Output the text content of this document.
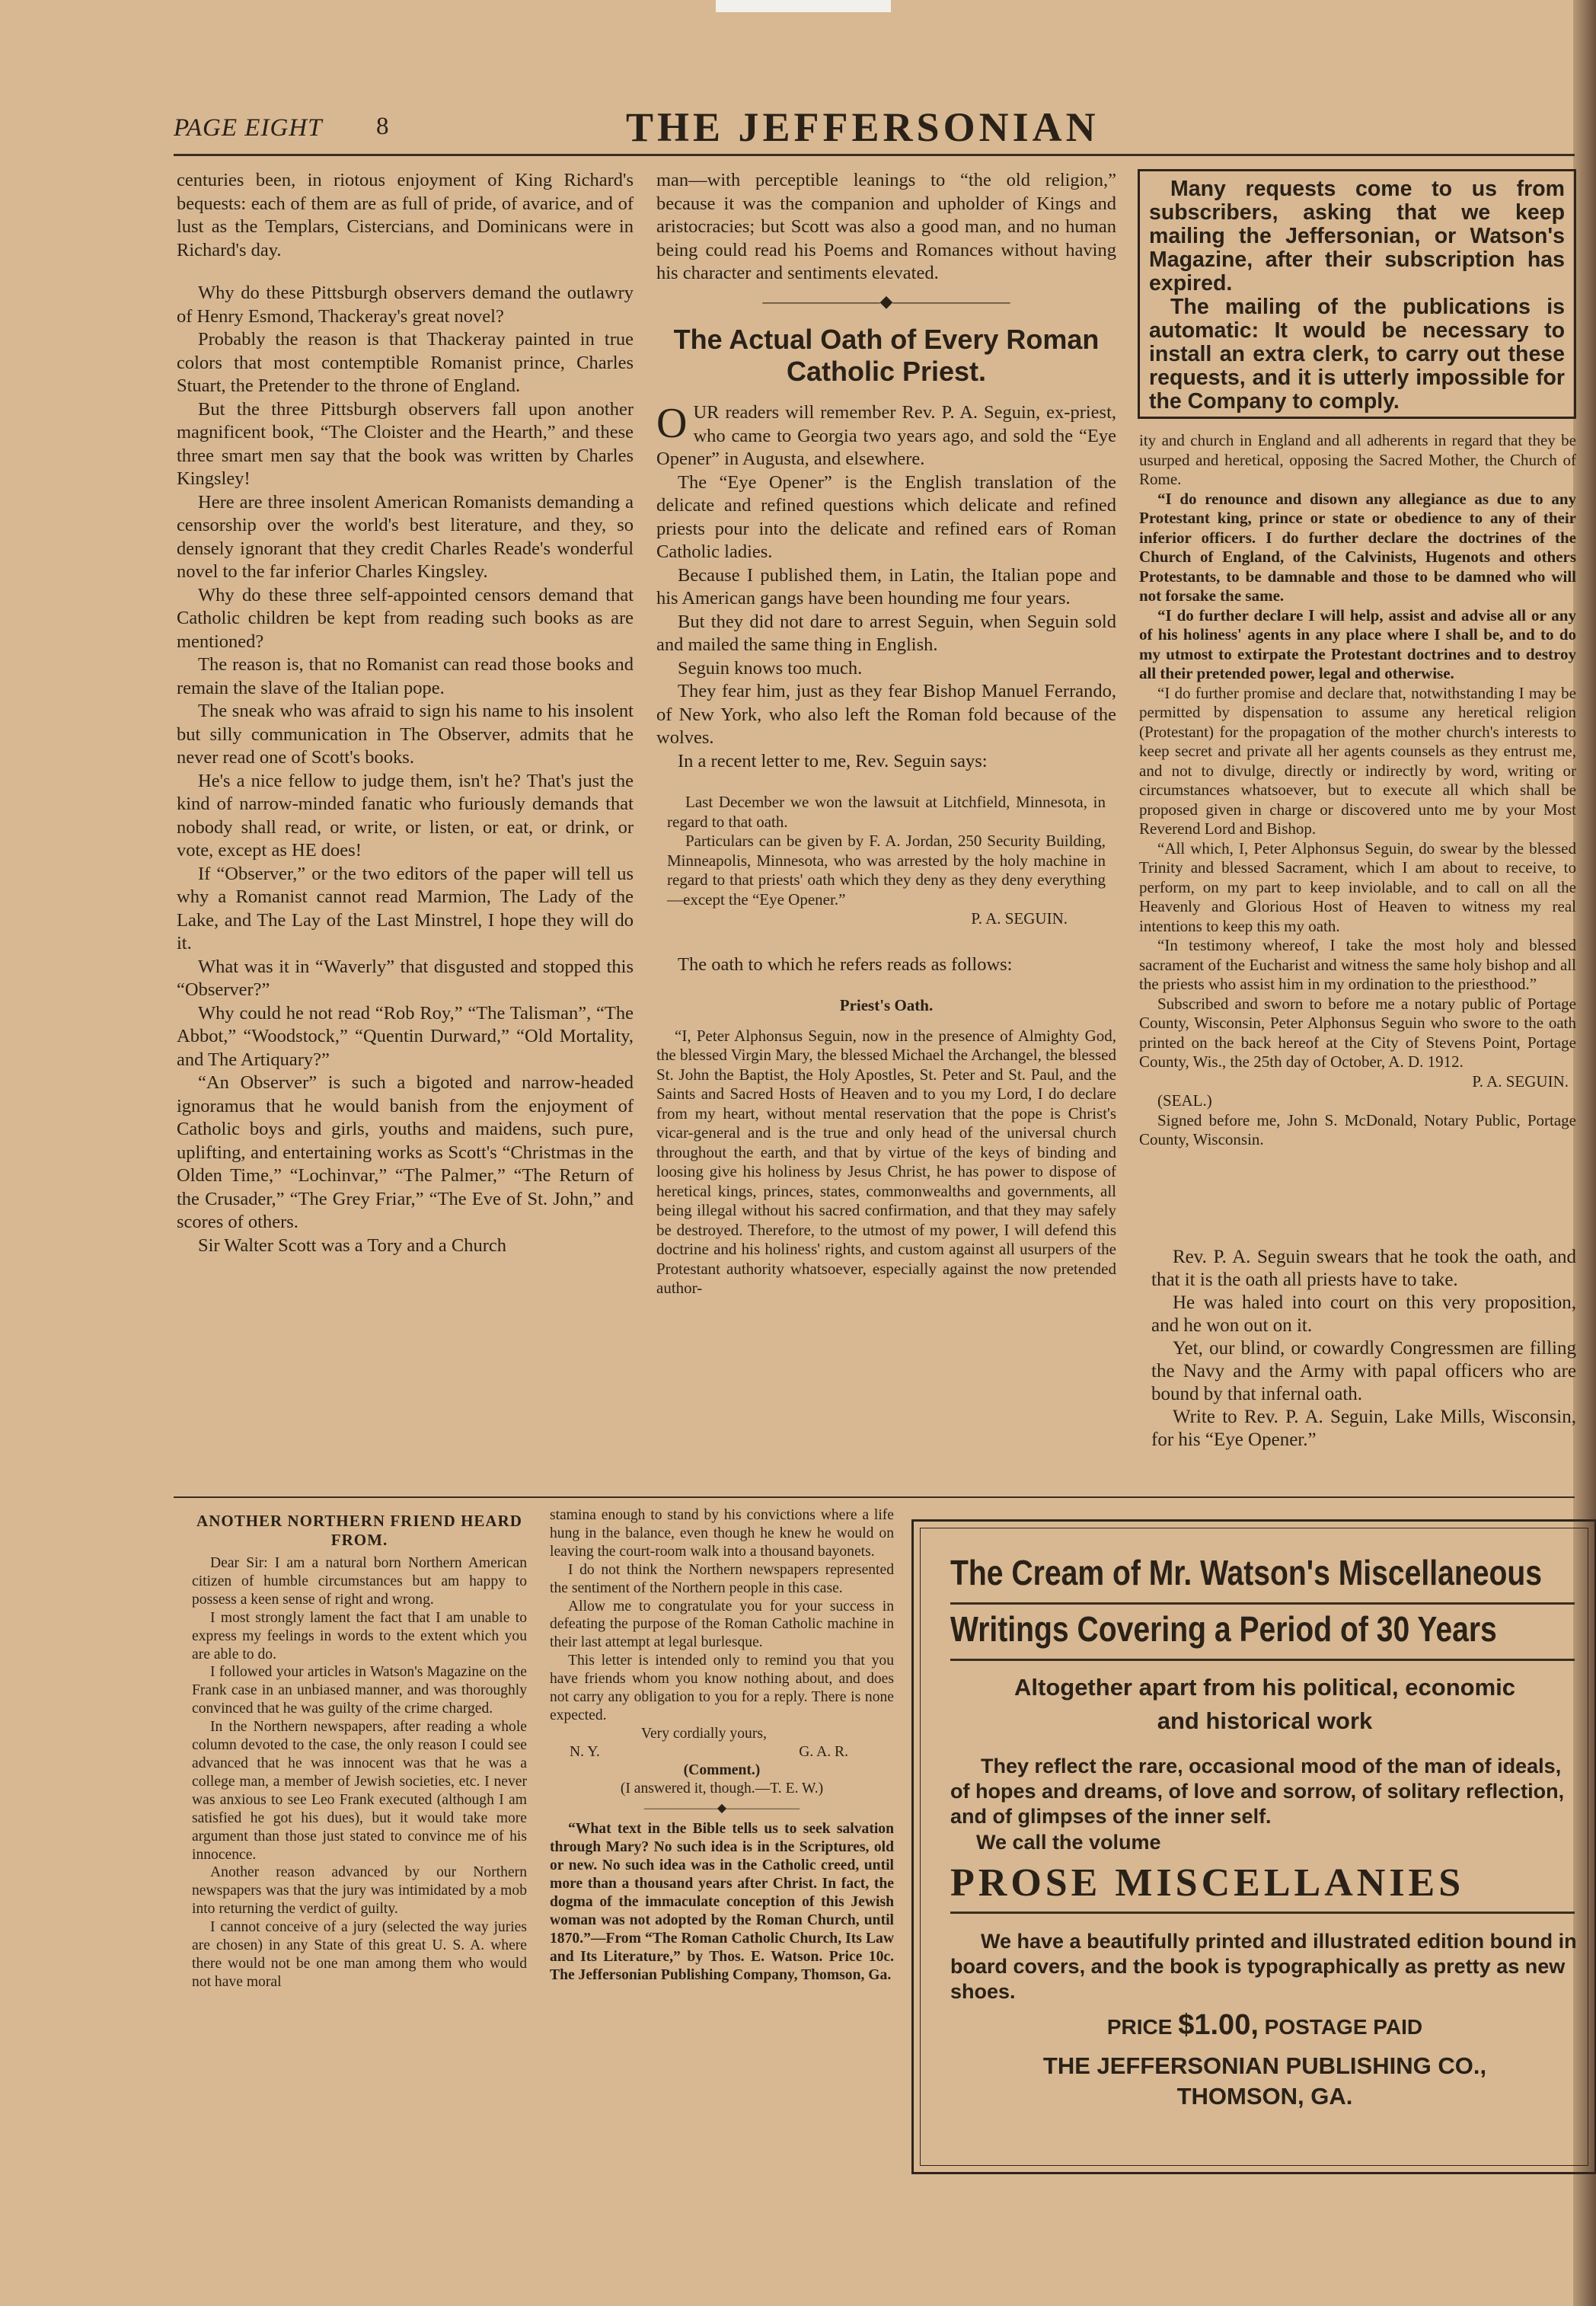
PAGE EIGHT 8	THE JEFFERSONIAN

centuries been, in riotous enjoyment of King Richard's bequests: each of them are as full of pride, of avarice, and of lust as the Templars, Cistercians, and Dominicans were in Richard's day.

Why do these Pittsburgh observers demand the outlawry of Henry Esmond, Thackeray's great novel?

Probably the reason is that Thackeray painted in true colors that most contemptible Romanist prince, Charles Stuart, the Pretender to the throne of England.

But the three Pittsburgh observers fall upon another magnificent book, “The Cloister and the Hearth,” and these three smart men say that the book was written by Charles Kingsley!

Here are three insolent American Romanists demanding a censorship over the world's best literature, and they, so densely ignorant that they credit Charles Reade's wonderful novel to the far inferior Charles Kingsley.

Why do these three self-appointed censors demand that Catholic children be kept from reading such books as are mentioned?

The reason is, that no Romanist can read those books and remain the slave of the Italian pope.

The sneak who was afraid to sign his name to his insolent but silly communication in The Observer, admits that he never read one of Scott's books.

He's a nice fellow to judge them, isn't he? That's just the kind of narrow-minded fanatic who furiously demands that nobody shall read, or write, or listen, or eat, or drink, or vote, except as HE does!

If “Observer,” or the two editors of the paper will tell us why a Romanist cannot read Marmion, The Lady of the Lake, and The Lay of the Last Minstrel, I hope they will do it.

What was it in “Waverly” that disgusted and stopped this “Observer?”

Why could he not read “Rob Roy,” “The Talisman”, “The Abbot,” “Woodstock,” “Quentin Durward,” “Old Mortality, and The Artiquary?”

“An Observer” is such a bigoted and narrow-headed ignoramus that he would banish from the enjoyment of Catholic boys and girls, youths and maidens, such pure, uplifting, and entertaining works as Scott's “Christmas in the Olden Time,” “Lochinvar,” “The Palmer,” “The Return of the Crusader,” “The Grey Friar,” “The Eve of St. John,” and scores of others.

Sir Walter Scott was a Tory and a Church

man—with perceptible leanings to “the old religion,” because it was the companion and upholder of Kings and aristocracies; but Scott was also a good man, and no human being could read his Poems and Romances without having his character and sentiments elevated.

———————◆———————
The Actual Oath of Every Roman Catholic Priest.

OUR readers will remember Rev. P. A. Seguin, ex-priest, who came to Georgia two years ago, and sold the “Eye Opener” in Augusta, and elsewhere.

The “Eye Opener” is the English translation of the delicate and refined questions which delicate and refined priests pour into the delicate and refined ears of Roman Catholic ladies.

Because I published them, in Latin, the Italian pope and his American gangs have been hounding me four years.

But they did not dare to arrest Seguin, when Seguin sold and mailed the same thing in English.

Seguin knows too much.

They fear him, just as they fear Bishop Manuel Ferrando, of New York, who also left the Roman fold because of the wolves.

In a recent letter to me, Rev. Seguin says:

Last December we won the lawsuit at Litchfield, Minnesota, in regard to that oath.

Particulars can be given by F. A. Jordan, 250 Security Building, Minneapolis, Minnesota, who was arrested by the holy machine in regard to that priests' oath which they deny as they deny everything—except the “Eye Opener.”

P. A. SEGUIN.

The oath to which he refers reads as follows:

Priest's Oath.

“I, Peter Alphonsus Seguin, now in the presence of Almighty God, the blessed Virgin Mary, the blessed Michael the Archangel, the blessed St. John the Baptist, the Holy Apostles, St. Peter and St. Paul, and the Saints and Sacred Hosts of Heaven and to you my Lord, I do declare from my heart, without mental reservation that the pope is Christ's vicar-general and is the true and only head of the universal church throughout the earth, and that by virtue of the keys of binding and loosing give his holiness by Jesus Christ, he has power to dispose of heretical kings, princes, states, commonwealths and governments, all being illegal without his sacred confirmation, and that they may safely be destroyed. Therefore, to the utmost of my power, I will defend this doctrine and his holiness' rights, and custom against all usurpers of the Protestant authority whatsoever, especially against the now pretended author-

Many requests come to us from subscribers, asking that we keep mailing the Jeffersonian, or Watson's Magazine, after their subscription has expired.

The mailing of the publications is automatic: It would be necessary to install an extra clerk, to carry out these requests, and it is utterly impossible for the Company to comply.

ity and church in England and all adherents in regard that they be usurped and heretical, opposing the Sacred Mother, the Church of Rome.

“I do renounce and disown any allegiance as due to any Protestant king, prince or state or obedience to any of their inferior officers. I do further declare the doctrines of the Church of England, of the Calvinists, Hugenots and others Protestants, to be damnable and those to be damned who will not forsake the same.

“I do further declare I will help, assist and advise all or any of his holiness' agents in any place where I shall be, and to do my utmost to extirpate the Protestant doctrines and to destroy all their pretended power, legal and otherwise.

“I do further promise and declare that, notwithstanding I may be permitted by dispensation to assume any heretical religion (Protestant) for the propagation of the mother church's interests to keep secret and private all her agents counsels as they entrust me, and not to divulge, directly or indirectly by word, writing or circumstances whatsoever, but to execute all which shall be proposed given in charge or discovered unto me by your Most Reverend Lord and Bishop.

“All which, I, Peter Alphonsus Seguin, do swear by the blessed Trinity and blessed Sacrament, which I am about to receive, to perform, on my part to keep inviolable, and to call on all the Heavenly and Glorious Host of Heaven to witness my real intentions to keep this my oath.

“In testimony whereof, I take the most holy and blessed sacrament of the Eucharist and witness the same holy bishop and all the priests who assist him in my ordination to the priesthood.”

Subscribed and sworn to before me a notary public of Portage County, Wisconsin, Peter Alphonsus Seguin who swore to the oath printed on the back hereof at the City of Stevens Point, Portage County, Wis., the 25th day of October, A. D. 1912.

P. A. SEGUIN.

(SEAL.)

Signed before me, John S. McDonald, Notary Public, Portage County, Wisconsin.

Rev. P. A. Seguin swears that he took the oath, and that it is the oath all priests have to take.

He was haled into court on this very proposition, and he won out on it.

Yet, our blind, or cowardly Congressmen are filling the Navy and the Army with papal officers who are bound by that infernal oath.

Write to Rev. P. A. Seguin, Lake Mills, Wisconsin, for his “Eye Opener.”

ANOTHER NORTHERN FRIEND HEARD FROM.

Dear Sir: I am a natural born Northern American citizen of humble circumstances but am happy to possess a keen sense of right and wrong.

I most strongly lament the fact that I am unable to express my feelings in words to the extent which you are able to do.

I followed your articles in Watson's Magazine on the Frank case in an unbiased manner, and was thoroughly convinced that he was guilty of the crime charged.

In the Northern newspapers, after reading a whole column devoted to the case, the only reason I could see advanced that he was innocent was that he was a college man, a member of Jewish societies, etc. I never was anxious to see Leo Frank executed (although I am satisfied he got his dues), but it would take more argument than those just stated to convince me of his innocence.

Another reason advanced by our Northern newspapers was that the jury was intimidated by a mob into returning the verdict of guilty.

I cannot conceive of a jury (selected the way juries are chosen) in any State of this great U. S. A. where there would not be one man among them who would not have moral

stamina enough to stand by his convictions where a life hung in the balance, even though he knew he would on leaving the court-room walk into a thousand bayonets.

I do not think the Northern newspapers represented the sentiment of the Northern people in this case.

Allow me to congratulate you for your success in defeating the purpose of the Roman Catholic machine in their last attempt at legal burlesque.

This letter is intended only to remind you that you have friends whom you know nothing about, and does not carry any obligation to you for a reply. There is none expected.

Very cordially yours,

N. Y.	G. A. R.
(Comment.)
(I answered it, though.—T. E. W.)
——————◆——————

“What text in the Bible tells us to seek salvation through Mary? No such idea is in the Scriptures, old or new. No such idea was in the Catholic creed, until more than a thousand years after Christ. In fact, the dogma of the immaculate conception of this Jewish woman was not adopted by the Roman Church, until 1870.”—From “The Roman Catholic Church, Its Law and Its Literature,” by Thos. E. Watson. Price 10c. The Jeffersonian Publishing Company, Thomson, Ga.

The Cream of Mr. Watson's Miscellaneous
Writings Covering a Period of 30 Years
Altogether apart from his political, economic
and historical work
They reflect the rare, occasional mood of the man of ideals, of hopes and dreams, of love and sorrow, of solitary reflection, and of glimpses of the inner self.
We call the volume
PROSE MISCELLANIES
We have a beautifully printed and illustrated edition bound in board covers, and the book is typographically as pretty as new shoes.
PRICE $1.00, POSTAGE PAID
THE JEFFERSONIAN PUBLISHING CO.,
THOMSON, GA.
